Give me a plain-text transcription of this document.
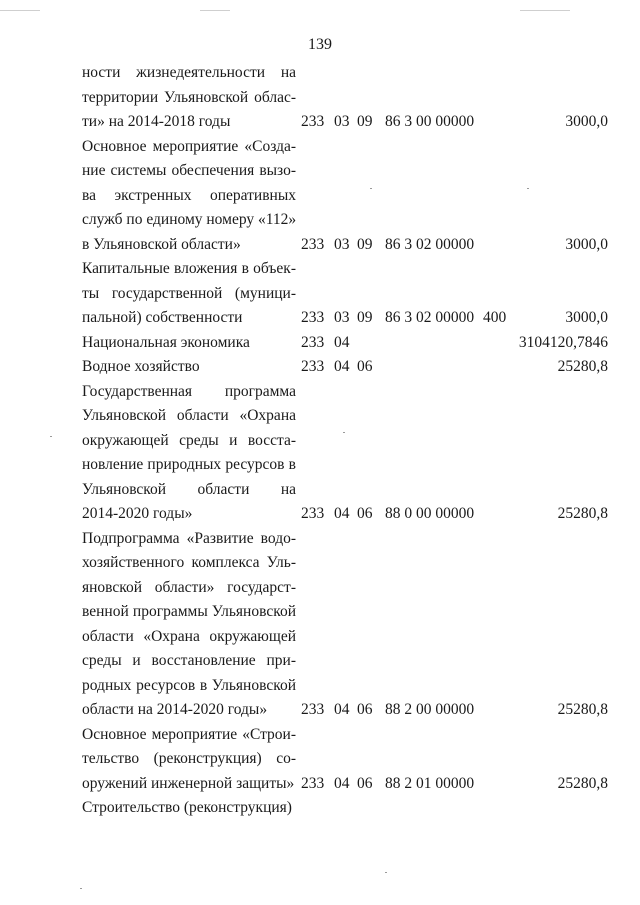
139
ности жизнедеятельности на
территории Ульяновской облас-
ти» на 2014-2018 годы	233 03 09 86 3 00 00000	3000,0
Основное мероприятие «Созда-
ние системы обеспечения вызо-
ва экстренных оперативных
служб по единому номеру «112»
в Ульяновской области»	233 03 09 86 3 02 00000	3000,0
Капитальные вложения в объек-
ты государственной (муници-
пальной) собственности	233 03 09 86 3 02 00000 400	3000,0
Национальная экономика	233 04	3104120,7846
Водное хозяйство	233 04 06	25280,8
Государственная программа
Ульяновской области «Охрана
окружающей среды и восста-
новление природных ресурсов в
Ульяновской области на
2014-2020 годы»	233 04 06 88 0 00 00000	25280,8
Подпрограмма «Развитие водо-
хозяйственного комплекса Уль-
яновской области» государст-
венной программы Ульяновской
области «Охрана окружающей
среды и восстановление при-
родных ресурсов в Ульяновской
области на 2014-2020 годы»	233 04 06 88 2 00 00000	25280,8
Основное мероприятие «Строи-
тельство (реконструкция) со-
оружений инженерной защиты» 233 04 06 88 2 01 00000	25280,8
Строительство (реконструкция)
